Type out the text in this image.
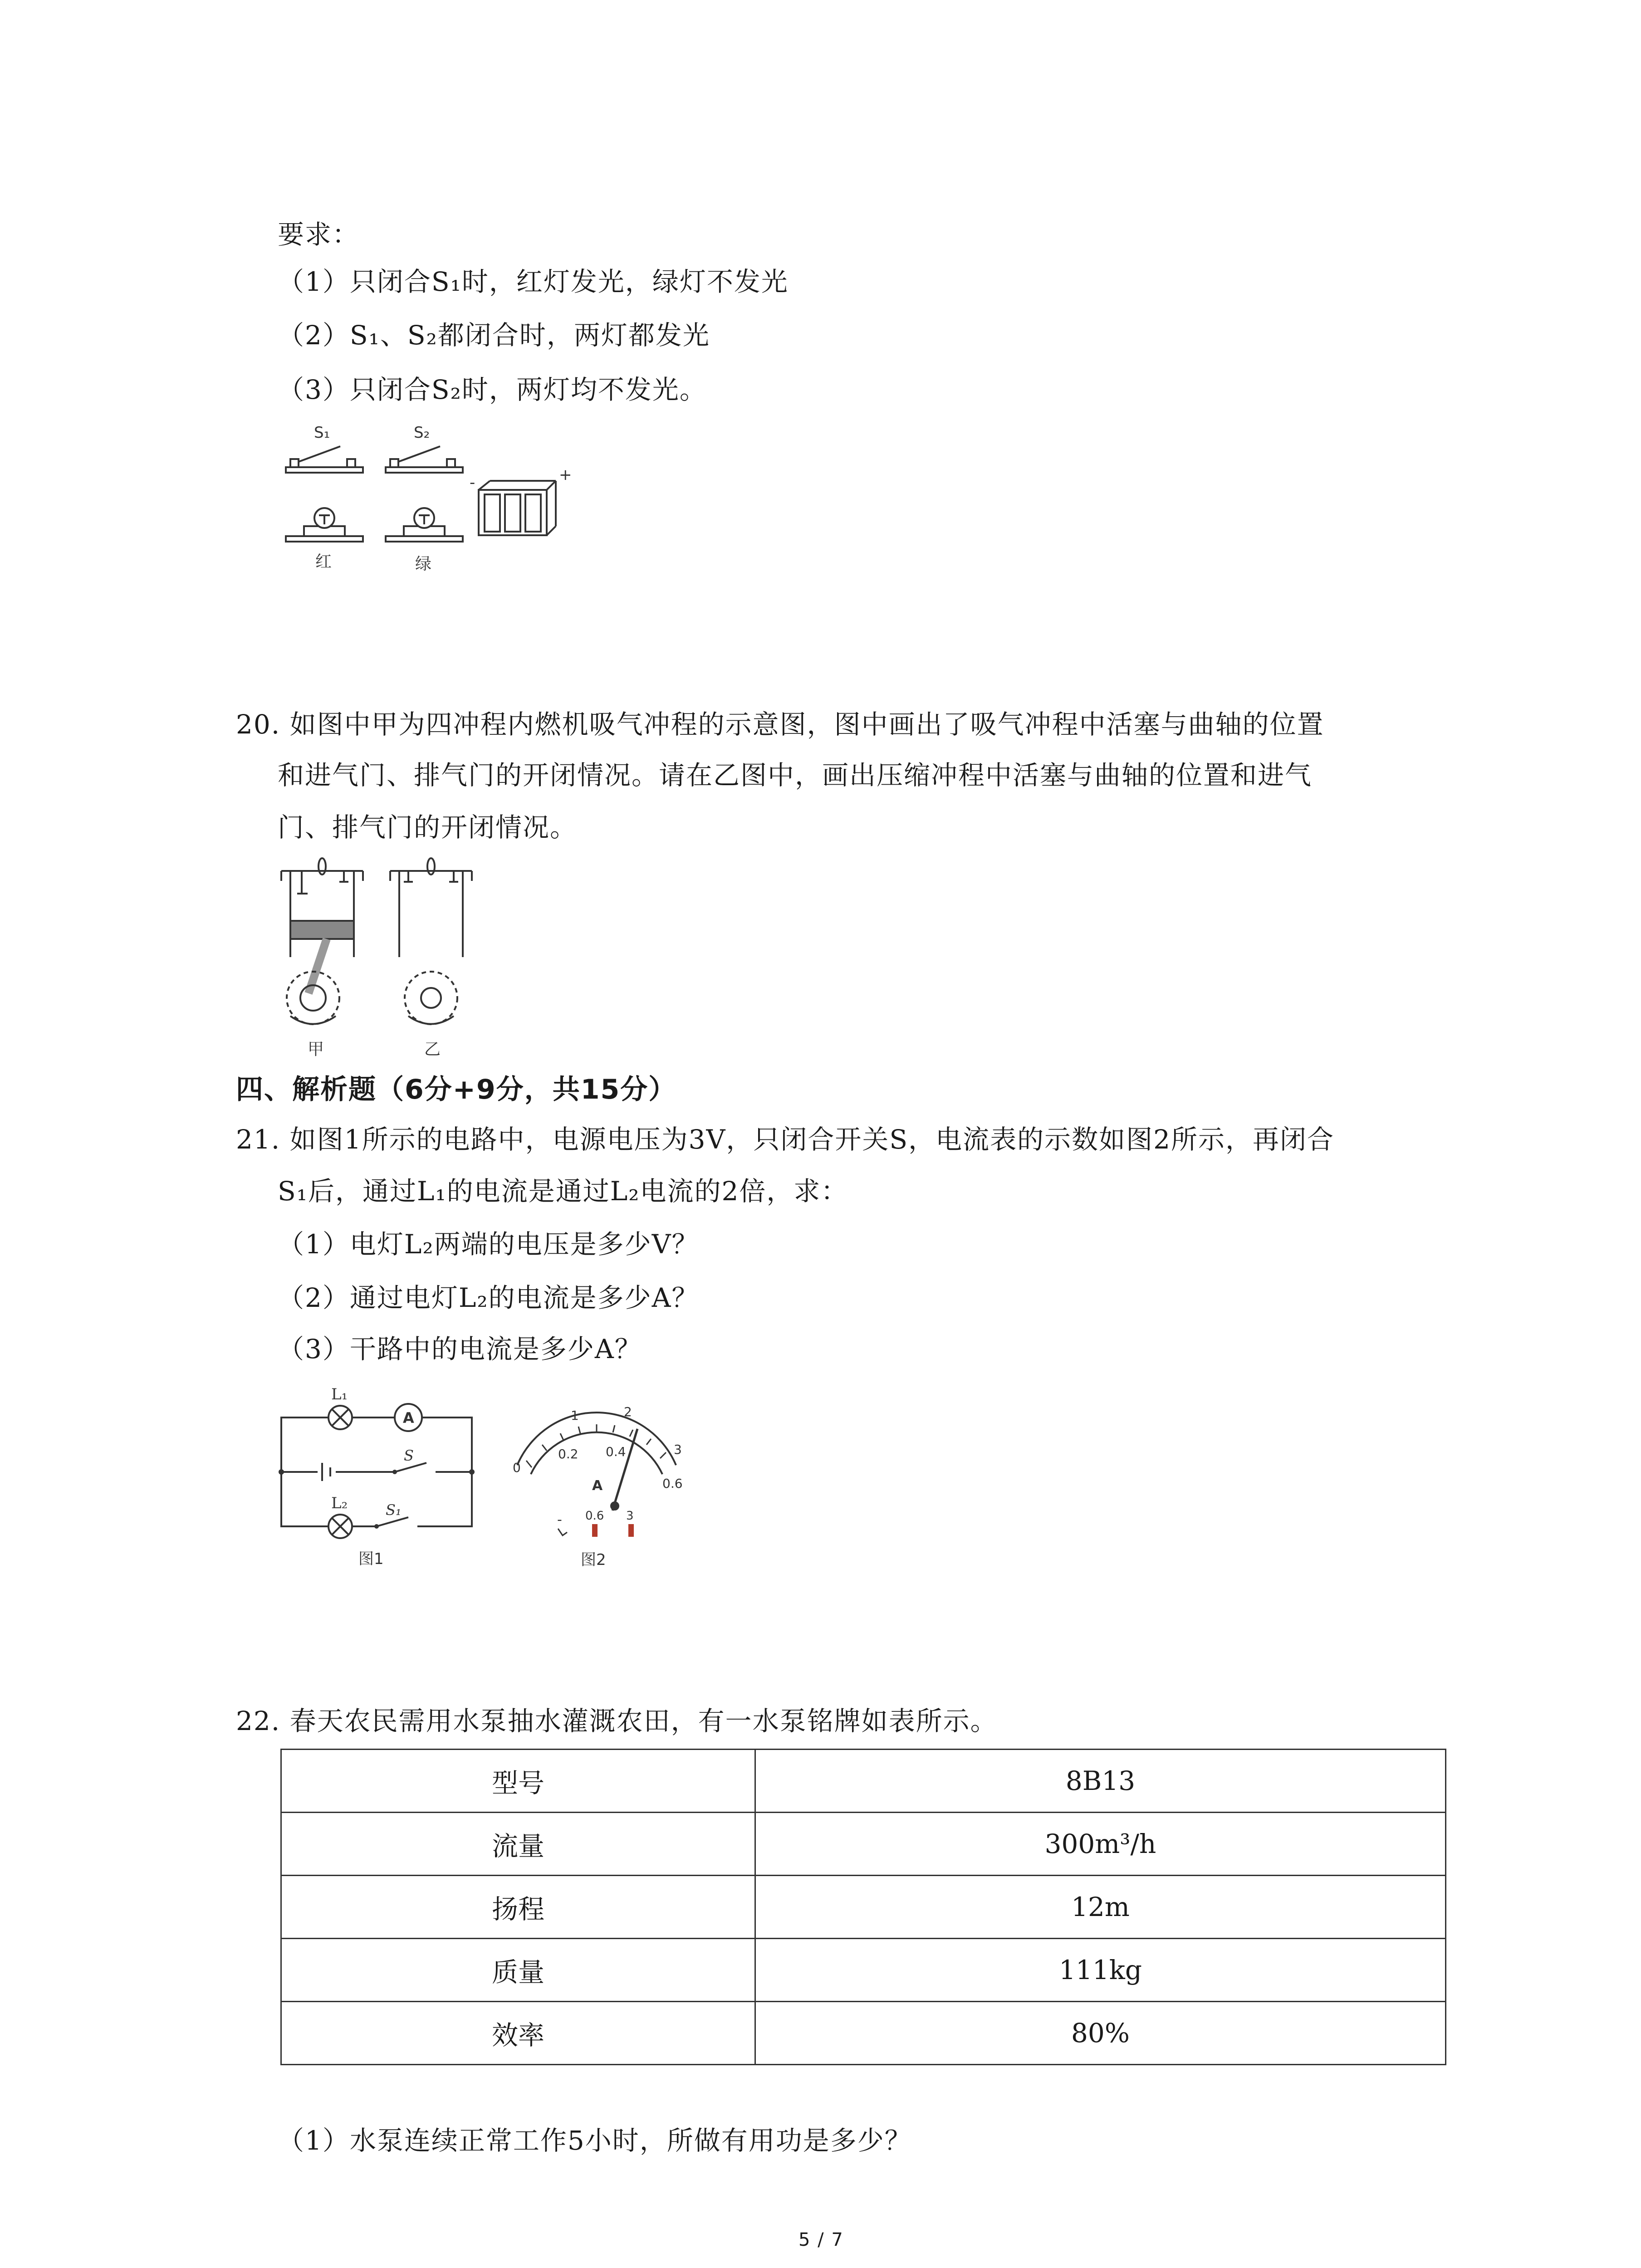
要求：
（1）只闭合S₁时，红灯发光，绿灯不发光
（2）S₁、S₂都闭合时，两灯都发光
（3）只闭合S₂时，两灯均不发光。
S₁	S₂
红	绿
-	+
20. 如图中甲为四冲程内燃机吸气冲程的示意图，图中画出了吸气冲程中活塞与曲轴的位置
和进气门、排气门的开闭情况。请在乙图中，画出压缩冲程中活塞与曲轴的位置和进气
门、排气门的开闭情况。
甲	乙
四、解析题（6分+9分，共15分）
21. 如图1所示的电路中，电源电压为3V，只闭合开关S，电流表的示数如图2所示，再闭合
S₁后，通过L₁的电流是通过L₂电流的2倍，求：
（1）电灯L₂两端的电压是多少V？
（2）通过电灯L₂的电流是多少A？
（3）干路中的电流是多少A？
L₁
A
S
L₂	S₁
图1
1	2
3
0
0.2 0.4
0.6
A
- 0.6 3
图2
22. 春天农民需用水泵抽水灌溉农田，有一水泵铭牌如表所示。
型号	8B13
流量	300m³/h
扬程	12m
质量	111kg
效率	80%
（1）水泵连续正常工作5小时，所做有用功是多少？
5 / 7
